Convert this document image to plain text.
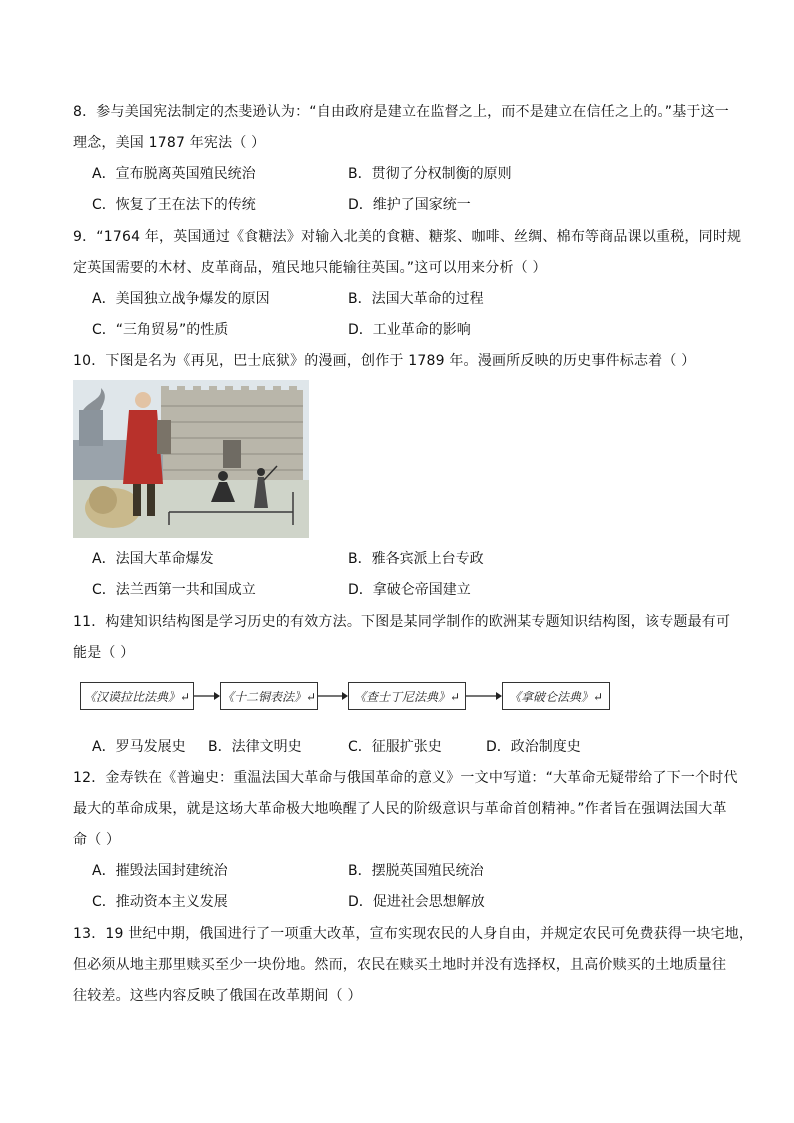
8．参与美国宪法制定的杰斐逊认为：“自由政府是建立在监督之上，而不是建立在信任之上的。”基于这一
理念，美国 1787 年宪法（ ）
A．宣布脱离英国殖民统治	B．贯彻了分权制衡的原则
C．恢复了王在法下的传统	D．维护了国家统一
9．“1764 年，英国通过《食糖法》对输入北美的食糖、糖浆、咖啡、丝绸、棉布等商品课以重税，同时规
定英国需要的木材、皮革商品，殖民地只能输往英国。”这可以用来分析（ ）
A．美国独立战争爆发的原因	B．法国大革命的过程
C．“三角贸易”的性质	D．工业革命的影响
10．下图是名为《再见，巴士底狱》的漫画，创作于 1789 年。漫画所反映的历史事件标志着（ ）
A．法国大革命爆发	B．雅各宾派上台专政
C．法兰西第一共和国成立	D．拿破仑帝国建立
11．构建知识结构图是学习历史的有效方法。下图是某同学制作的欧洲某专题知识结构图，该专题最有可
能是（ ）
《汉谟拉比法典》↵	《十二铜表法》↵	《查士丁尼法典》↵	《拿破仑法典》↵
A．罗马发展史 B．法律文明史	C．征服扩张史	D．政治制度史
12．金寿铁在《普遍史：重温法国大革命与俄国革命的意义》一文中写道：“大革命无疑带给了下一个时代
最大的革命成果，就是这场大革命极大地唤醒了人民的阶级意识与革命首创精神。”作者旨在强调法国大革
命（ ）
A．摧毁法国封建统治	B．摆脱英国殖民统治
C．推动资本主义发展	D．促进社会思想解放
13．19 世纪中期，俄国进行了一项重大改革，宣布实现农民的人身自由，并规定农民可免费获得一块宅地，
但必须从地主那里赎买至少一块份地。然而，农民在赎买土地时并没有选择权，且高价赎买的土地质量往
往较差。这些内容反映了俄国在改革期间（ ）
